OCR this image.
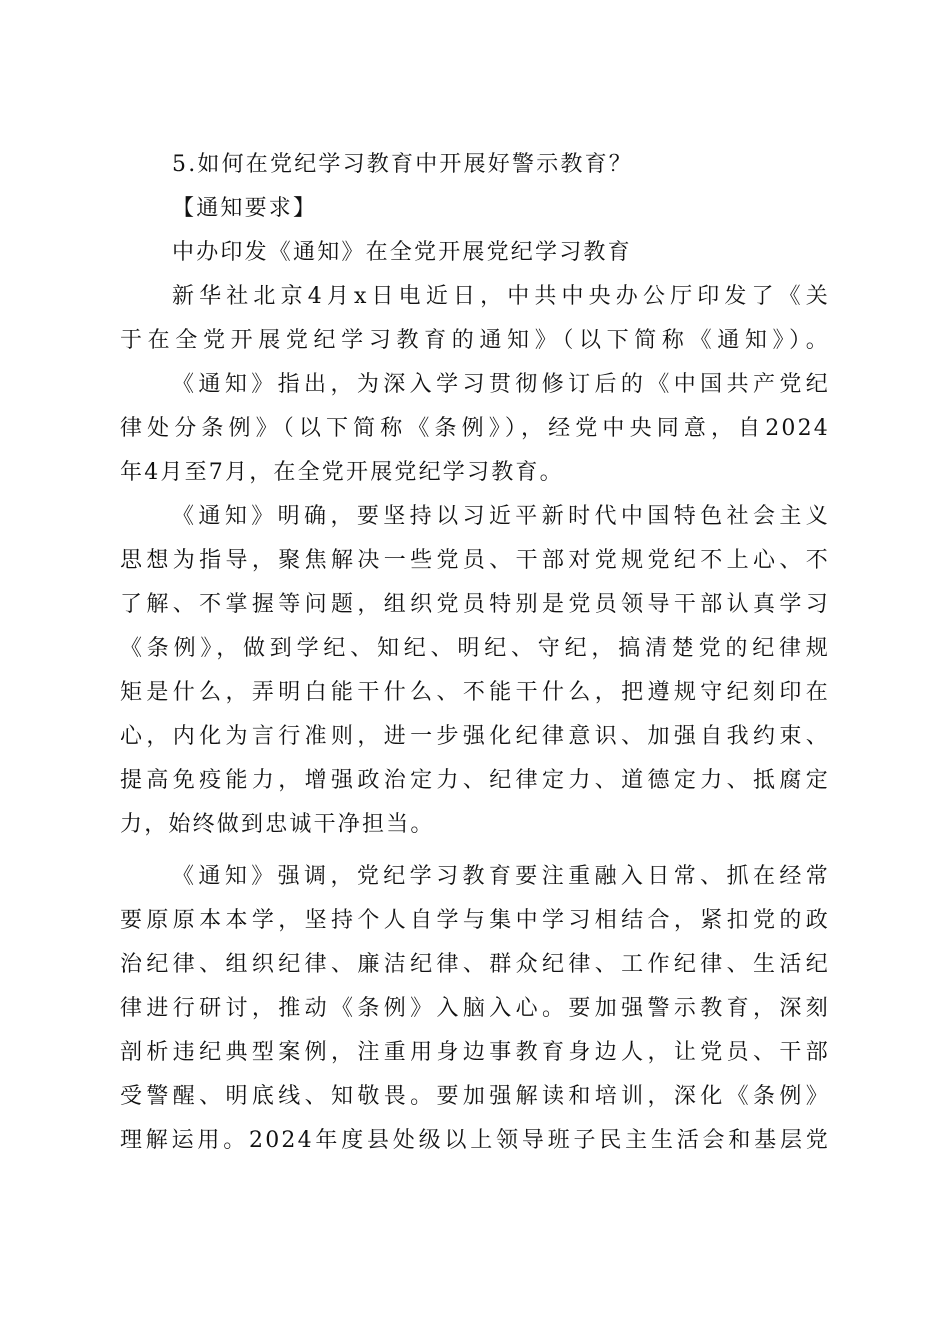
5.如何在党纪学习教育中开展好警示教育？
【通知要求】
中办印发《通知》在全党开展党纪学习教育
新华社北京4月x日电近日，中共中央办公厅印发了《关
于在全党开展党纪学习教育的通知》（以下简称《通知》）。
《通知》指出，为深入学习贯彻修订后的《中国共产党纪
律处分条例》（以下简称《条例》），经党中央同意，自2024
年4月至7月，在全党开展党纪学习教育。
《通知》明确，要坚持以习近平新时代中国特色社会主义
思想为指导，聚焦解决一些党员、干部对党规党纪不上心、不
了解、不掌握等问题，组织党员特别是党员领导干部认真学习
《条例》，做到学纪、知纪、明纪、守纪，搞清楚党的纪律规
矩是什么，弄明白能干什么、不能干什么，把遵规守纪刻印在
心，内化为言行准则，进一步强化纪律意识、加强自我约束、
提高免疫能力，增强政治定力、纪律定力、道德定力、抵腐定
力，始终做到忠诚干净担当。
《通知》强调，党纪学习教育要注重融入日常、抓在经常
要原原本本学，坚持个人自学与集中学习相结合，紧扣党的政
治纪律、组织纪律、廉洁纪律、群众纪律、工作纪律、生活纪
律进行研讨，推动《条例》入脑入心。要加强警示教育，深刻
剖析违纪典型案例，注重用身边事教育身边人，让党员、干部
受警醒、明底线、知敬畏。要加强解读和培训，深化《条例》
理解运用。2024年度县处级以上领导班子民主生活会和基层党
